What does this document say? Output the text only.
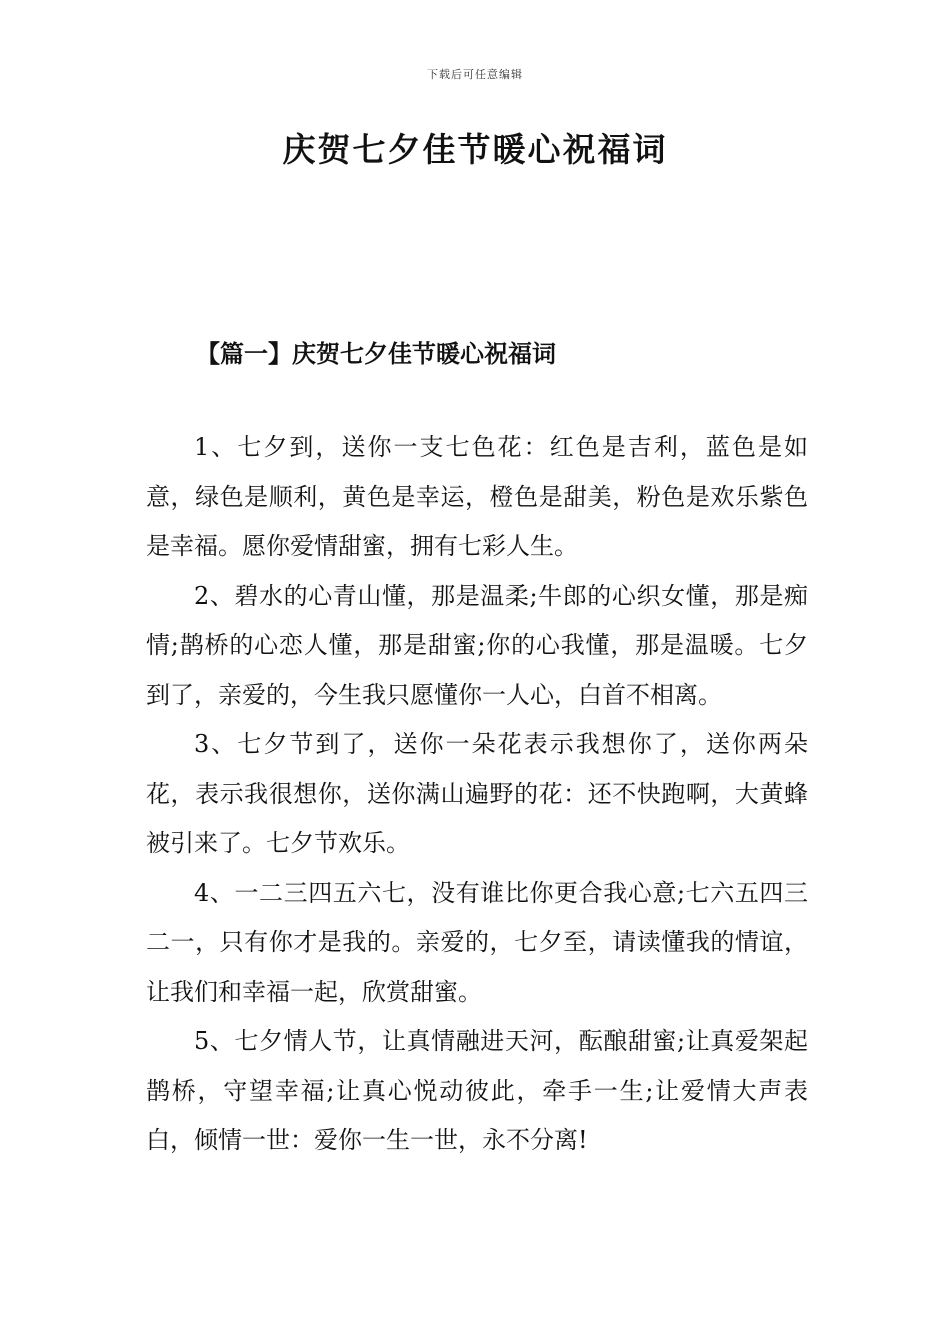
下载后可任意编辑
庆贺七夕佳节暖心祝福词
【篇一】庆贺七夕佳节暖心祝福词

1、七夕到，送你一支七色花：红色是吉利，蓝色是如意，绿色是顺利，黄色是幸运，橙色是甜美，粉色是欢乐紫色是幸福。愿你爱情甜蜜，拥有七彩人生。

2、碧水的心青山懂，那是温柔;牛郎的心织女懂，那是痴情;鹊桥的心恋人懂，那是甜蜜;你的心我懂，那是温暖。七夕到了，亲爱的，今生我只愿懂你一人心，白首不相离。

3、七夕节到了，送你一朵花表示我想你了，送你两朵花，表示我很想你，送你满山遍野的花：还不快跑啊，大黄蜂被引来了。七夕节欢乐。

4、一二三四五六七，没有谁比你更合我心意;七六五四三二一，只有你才是我的。亲爱的，七夕至，请读懂我的情谊，让我们和幸福一起，欣赏甜蜜。

5、七夕情人节，让真情融进天河，酝酿甜蜜;让真爱架起鹊桥，守望幸福;让真心悦动彼此，牵手一生;让爱情大声表白，倾情一世：爱你一生一世，永不分离!
